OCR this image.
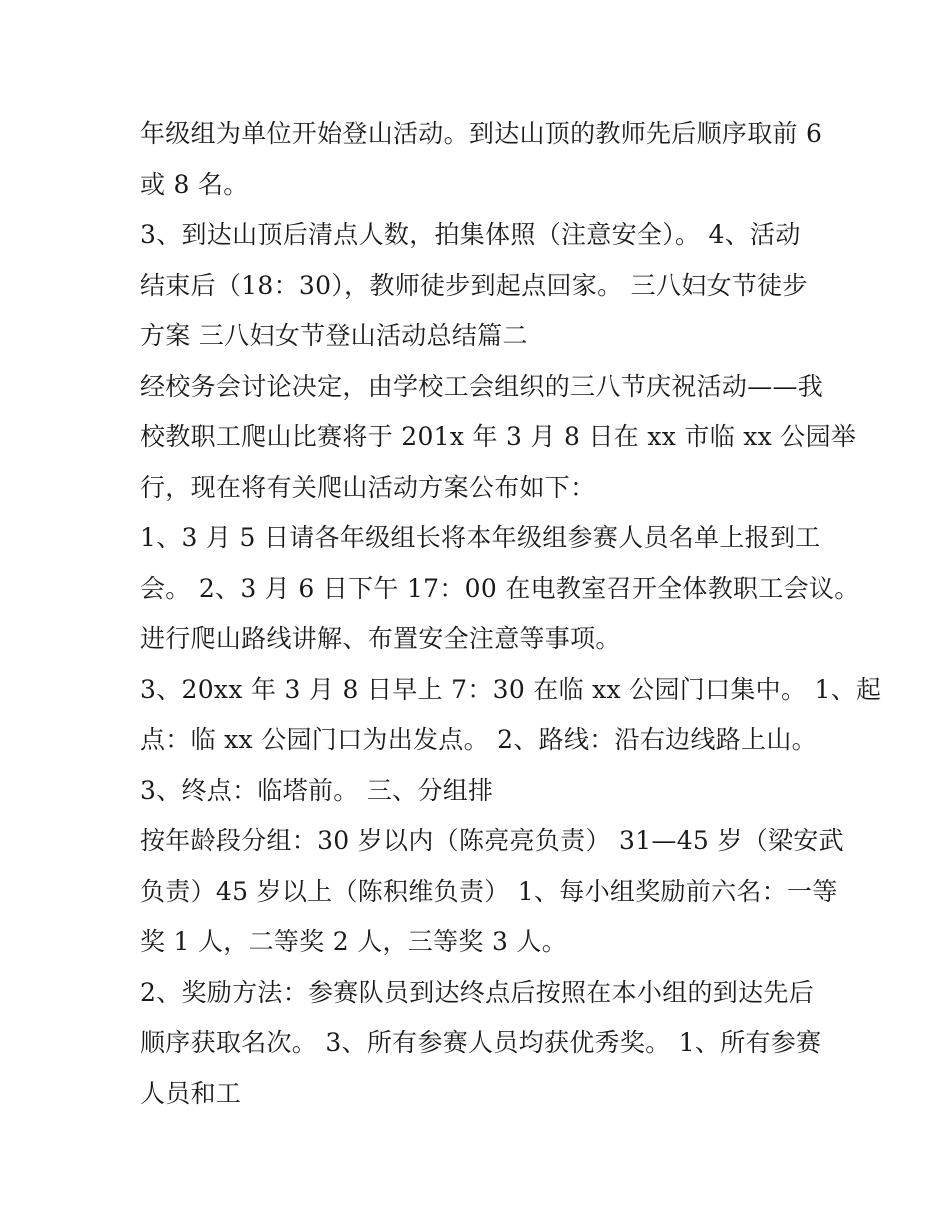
年级组为单位开始登山活动。到达山顶的教师先后顺序取前 6
或 8 名。
3、到达山顶后清点人数，拍集体照（注意安全）。 4、活动
结束后（18：30），教师徒步到起点回家。 三八妇女节徒步
方案 三八妇女节登山活动总结篇二
经校务会讨论决定，由学校工会组织的三八节庆祝活动——我
校教职工爬山比赛将于 201x 年 3 月 8 日在 xx 市临 xx 公园举
行，现在将有关爬山活动方案公布如下：
1、3 月 5 日请各年级组长将本年级组参赛人员名单上报到工
会。 2、3 月 6 日下午 17：00 在电教室召开全体教职工会议。
进行爬山路线讲解、布置安全注意等事项。
3、20xx 年 3 月 8 日早上 7：30 在临 xx 公园门口集中。 1、起
点：临 xx 公园门口为出发点。 2、路线：沿右边线路上山。
3、终点：临塔前。 三、分组排
按年龄段分组：30 岁以内（陈亮亮负责） 31—45 岁（梁安武
负责）45 岁以上（陈积维负责） 1、每小组奖励前六名：一等
奖 1 人，二等奖 2 人，三等奖 3 人。
2、奖励方法：参赛队员到达终点后按照在本小组的到达先后
顺序获取名次。 3、所有参赛人员均获优秀奖。 1、所有参赛
人员和工
